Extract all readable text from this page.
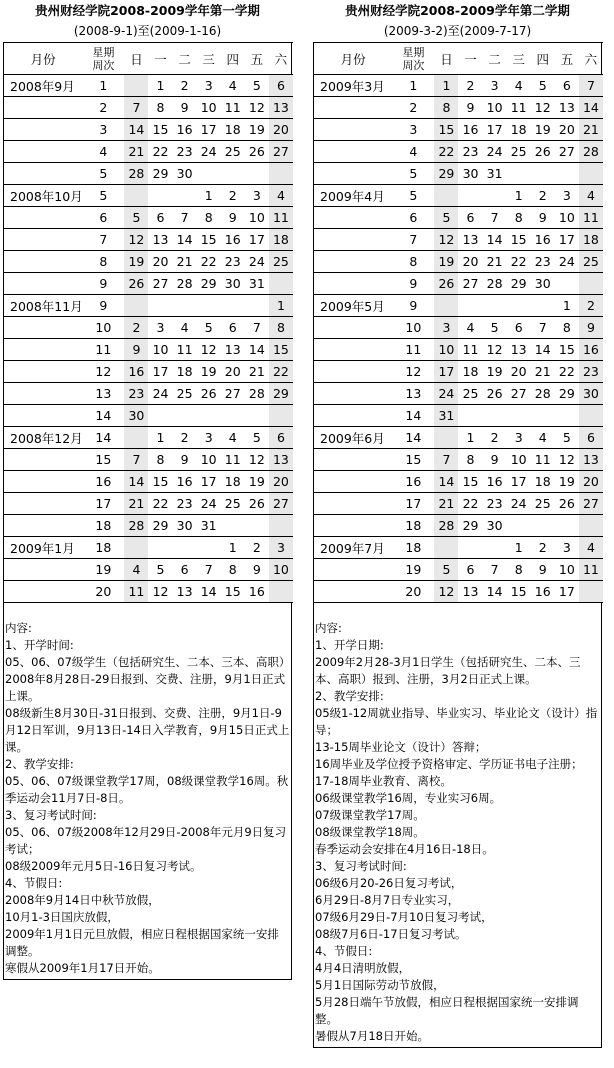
贵州财经学院2008-2009学年第一学期
(2008-9-1)至(2009-1-16)
月份	星期
周次	日	一	二	三	四	五	六
2008年9月	1		1	2	3	4	5	6
	2	7	8	9	10	11	12	13
	3	14	15	16	17	18	19	20
	4	21	22	23	24	25	26	27
	5	28	29	30				
2008年10月	5				1	2	3	4
	6	5	6	7	8	9	10	11
	7	12	13	14	15	16	17	18
	8	19	20	21	22	23	24	25
	9	26	27	28	29	30	31	
2008年11月	9							1
	10	2	3	4	5	6	7	8
	11	9	10	11	12	13	14	15
	12	16	17	18	19	20	21	22
	13	23	24	25	26	27	28	29
	14	30						
2008年12月	14		1	2	3	4	5	6
	15	7	8	9	10	11	12	13
	16	14	15	16	17	18	19	20
	17	21	22	23	24	25	26	27
	18	28	29	30	31			
2009年1月	18					1	2	3
	19	4	5	6	7	8	9	10
	20	11	12	13	14	15	16	
内容:
1、开学时间:
05、06、07级学生（包括研究生、二本、三本、高职）2008年8月28日-29日报到、交费、注册，9月1日正式上课。
08级新生8月30日-31日报到、交费、注册，9月1日-9月12日军训，9月13日-14日入学教育，9月15日正式上课。
2、教学安排:
05、06、07级课堂教学17周，08级课堂教学16周。秋季运动会11月7日-8日。
3、复习考试时间:
05、06、07级2008年12月29日-2008年元月9日复习考试；
08级2009年元月5日-16日复习考试。
4、节假日:
2008年9月14日中秋节放假，
10月1-3日国庆放假，
2009年1月1日元旦放假，相应日程根据国家统一安排调整。
寒假从2009年1月17日开始。
贵州财经学院2008-2009学年第二学期
(2009-3-2)至(2009-7-17)
月份	星期
周次	日	一	二	三	四	五	六
2009年3月	1	1	2	3	4	5	6	7
	2	8	9	10	11	12	13	14
	3	15	16	17	18	19	20	21
	4	22	23	24	25	26	27	28
	5	29	30	31				
2009年4月	5				1	2	3	4
	6	5	6	7	8	9	10	11
	7	12	13	14	15	16	17	18
	8	19	20	21	22	23	24	25
	9	26	27	28	29	30		
2009年5月	9						1	2
	10	3	4	5	6	7	8	9
	11	10	11	12	13	14	15	16
	12	17	18	19	20	21	22	23
	13	24	25	26	27	28	29	30
	14	31						
2009年6月	14		1	2	3	4	5	6
	15	7	8	9	10	11	12	13
	16	14	15	16	17	18	19	20
	17	21	22	23	24	25	26	27
	18	28	29	30				
2009年7月	18				1	2	3	4
	19	5	6	7	8	9	10	11
	20	12	13	14	15	16	17	
内容:
1、开学日期:
2009年2月28-3月1日学生（包括研究生、二本、三本、高职）报到、注册，3月2日正式上课。
2、教学安排:
05级1-12周就业指导、毕业实习、毕业论文（设计）指导；
13-15周毕业论文（设计）答辩；
16周毕业及学位授予资格审定、学历证书电子注册；
17-18周毕业教育、离校。
06级课堂教学16周，专业实习6周。
07级课堂教学17周。
08级课堂教学18周。
春季运动会安排在4月16日-18日。
3、复习考试时间:
06级6月20-26日复习考试，
6月29日-8月7日专业实习，
07级6月29日-7月10日复习考试，
08级7月6日-17日复习考试。
4、节假日:
4月4日清明放假，
5月1日国际劳动节放假，
5月28日端午节放假，相应日程根据国家统一安排调整。
暑假从7月18日开始。
